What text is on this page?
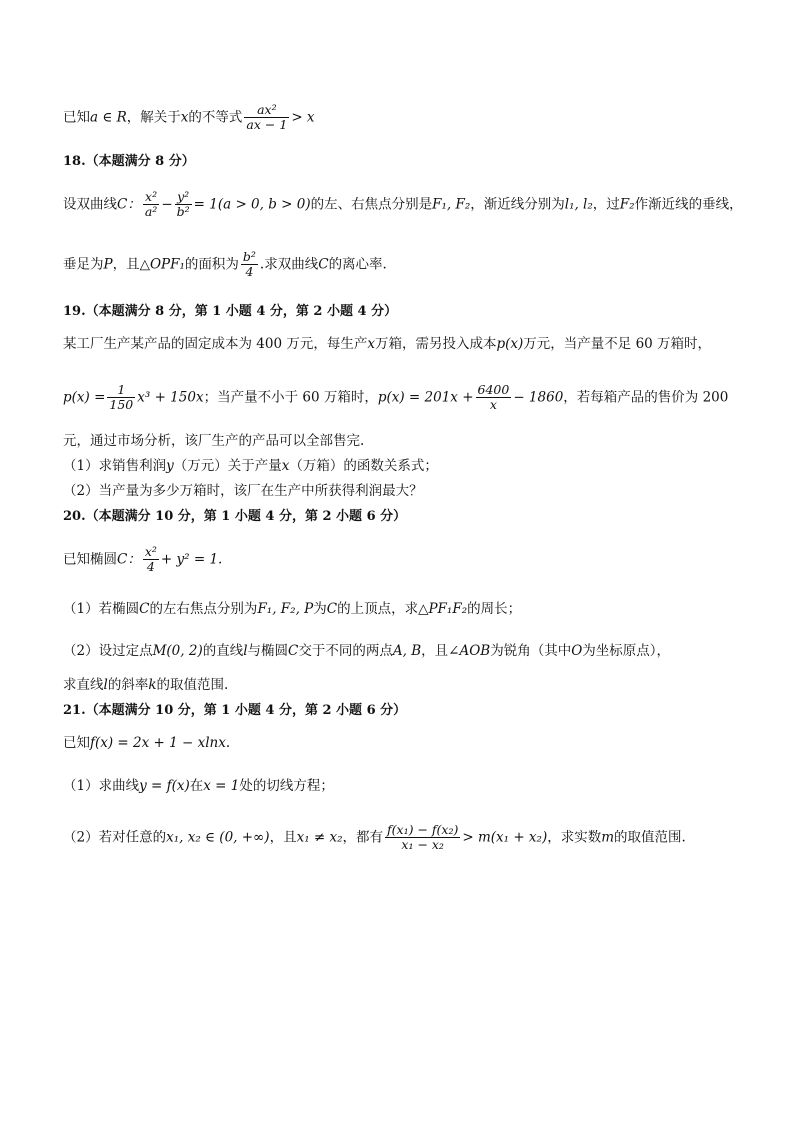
已知a ∈ R，解关于x的不等式 $\frac{\text{ax²}}{ax - 1} > x$
18.（本题满分 8 分）
设双曲线C： $\frac{\text{x²}}{\text{a²}} - \frac{\text{y²}}{\text{b²}} = 1(a > 0$, b > 0)的左、右焦点分别是F₁, F₂，渐近线分别为l₁, l₂，过F₂作渐近线的垂线，
垂足为P，且△OPF₁的面积为 $\frac{\text{b²}}{4}$ .求双曲线C的离心率.
19.（本题满分 8 分，第 1 小题 4 分，第 2 小题 4 分）
某工厂生产某产品的固定成本为 400 万元，每生产x万箱，需另投入成本p(x)万元，当产量不足 60 万箱时，
$p(x) = \frac{1}{150} x^3 + 150x$；当产量不小于 60 万箱时，$p(x) = 201x + \frac{6400}{x} - 1860$，若每箱产品的售价为 200
元，通过市场分析，该厂生产的产品可以全部售完.
（1）求销售利润y（万元）关于产量x（万箱）的函数关系式；
（2）当产量为多少万箱时，该厂在生产中所获得利润最大？
20.（本题满分 10 分，第 1 小题 4 分，第 2 小题 6 分）
已知椭圆C： $\frac{\text{x²}}{4} + y^2 = 1$.
（1）若椭圆C的左右焦点分别为F₁, F₂, P为C的上顶点，求△PF₁F₂的周长；
（2）设过定点M(0, 2)的直线l与椭圆C交于不同的两点A, B，且∠AOB为锐角（其中O为坐标原点），
求直线l的斜率k的取值范围.
21.（本题满分 10 分，第 1 小题 4 分，第 2 小题 6 分）
已知f(x) = 2x + 1 − xlnx.
（1）求曲线y = f(x)在x = 1处的切线方程；
（2）若对任意的x₁, x₂ ∈ (0, +∞)，且x₁ ≠ x₂，都有 $\frac{\text{f(x₁) − f(x₂)}}{\text{x₁ − x₂}} > m(x_1 + x_2)$，求实数m的取值范围.
